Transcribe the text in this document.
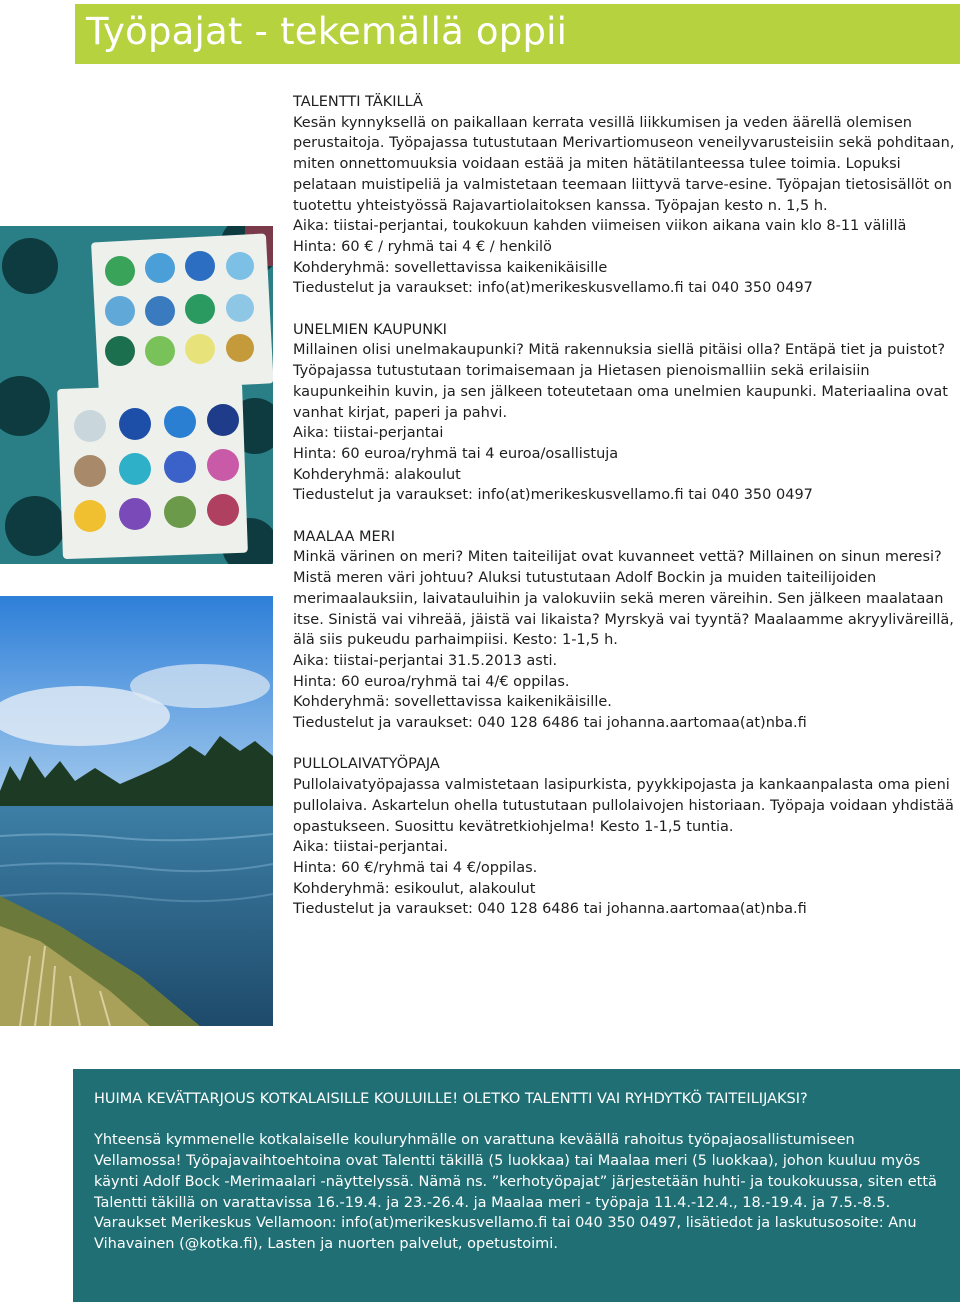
Työpajat - tekemällä oppii

TALENTTI TÄKILLÄ

Kesän kynnyksellä on paikallaan kerrata vesillä liikkumisen ja veden äärellä olemisen perustaitoja. Työpajassa tutustutaan Merivartiomuseon veneilyvarusteisiin sekä pohditaan, miten onnettomuuksia voidaan estää ja miten hätätilanteessa tulee toimia. Lopuksi pelataan muistipeliä ja valmistetaan teemaan liittyvä tarve-esine. Työpajan tietosisällöt on tuotettu yhteistyössä Rajavartiolaitoksen kanssa. Työpajan kesto n. 1,5 h.

Aika: tiistai-perjantai, toukokuun kahden viimeisen viikon aikana vain klo 8-11 välillä

Hinta: 60 € / ryhmä tai 4 € / henkilö

Kohderyhmä: sovellettavissa kaikenikäisille

Tiedustelut ja varaukset: info(at)merikeskusvellamo.fi tai 040 350 0497

UNELMIEN KAUPUNKI

Millainen olisi unelmakaupunki? Mitä rakennuksia siellä pitäisi olla? Entäpä tiet ja puistot? Työpajassa tutustutaan torimaisemaan ja Hietasen pienoismalliin sekä erilaisiin kaupunkeihin kuvin, ja sen jälkeen toteutetaan oma unelmien kaupunki. Materiaalina ovat vanhat kirjat, paperi ja pahvi.

Aika: tiistai-perjantai

Hinta: 60 euroa/ryhmä tai 4 euroa/osallistuja

Kohderyhmä: alakoulut

Tiedustelut ja varaukset: info(at)merikeskusvellamo.fi tai 040 350 0497

MAALAA MERI

Minkä värinen on meri? Miten taiteilijat ovat kuvanneet vettä? Millainen on sinun meresi? Mistä meren väri johtuu? Aluksi tutustutaan Adolf Bockin ja muiden taiteilijoiden merimaalauksiin, laivatauluihin ja valokuviin sekä meren väreihin. Sen jälkeen maalataan itse. Sinistä vai vihreää, jäistä vai likaista? Myrskyä vai tyyntä? Maalaamme akryyliväreillä, älä siis pukeudu parhaimpiisi. Kesto: 1-1,5 h.

Aika: tiistai-perjantai 31.5.2013 asti.

Hinta: 60 euroa/ryhmä tai 4/€ oppilas.

Kohderyhmä: sovellettavissa kaikenikäisille.

Tiedustelut ja varaukset: 040 128 6486 tai johanna.aartomaa(at)nba.fi

PULLOLAIVATYÖPAJA

Pullolaivatyöpajassa valmistetaan lasipurkista, pyykkipojasta ja kankaanpalasta oma pieni pullolaiva. Askartelun ohella tutustutaan pullolaivojen historiaan. Työpaja voidaan yhdistää opastukseen. Suosittu kevätretkiohjelma! Kesto 1-1,5 tuntia.

Aika: tiistai-perjantai.

Hinta: 60 €/ryhmä tai 4 €/oppilas.

Kohderyhmä: esikoulut, alakoulut

Tiedustelut ja varaukset: 040 128 6486 tai johanna.aartomaa(at)nba.fi

HUIMA KEVÄTTARJOUS KOTKALAISILLE KOULUILLE! OLETKO TALENTTI VAI RYHDYTKÖ TAITEILIJAKSI?

Yhteensä kymmenelle kotkalaiselle kouluryhmälle on varattuna keväällä rahoitus työpajaosallistumiseen Vellamossa! Työpajavaihtoehtoina ovat Talentti täkillä (5 luokkaa) tai Maalaa meri (5 luokkaa), johon kuuluu myös käynti Adolf Bock -Merimaalari -näyttelyssä. Nämä ns. ”kerhotyöpajat” järjestetään huhti- ja toukokuussa, siten että Talentti täkillä on varattavissa 16.-19.4. ja 23.-26.4. ja Maalaa meri - työpaja 11.4.-12.4., 18.-19.4. ja 7.5.-8.5.

Varaukset Merikeskus Vellamoon: info(at)merikeskusvellamo.fi tai 040 350 0497, lisätiedot ja laskutusosoite: Anu Vihavainen (@kotka.fi), Lasten ja nuorten palvelut, opetustoimi.
